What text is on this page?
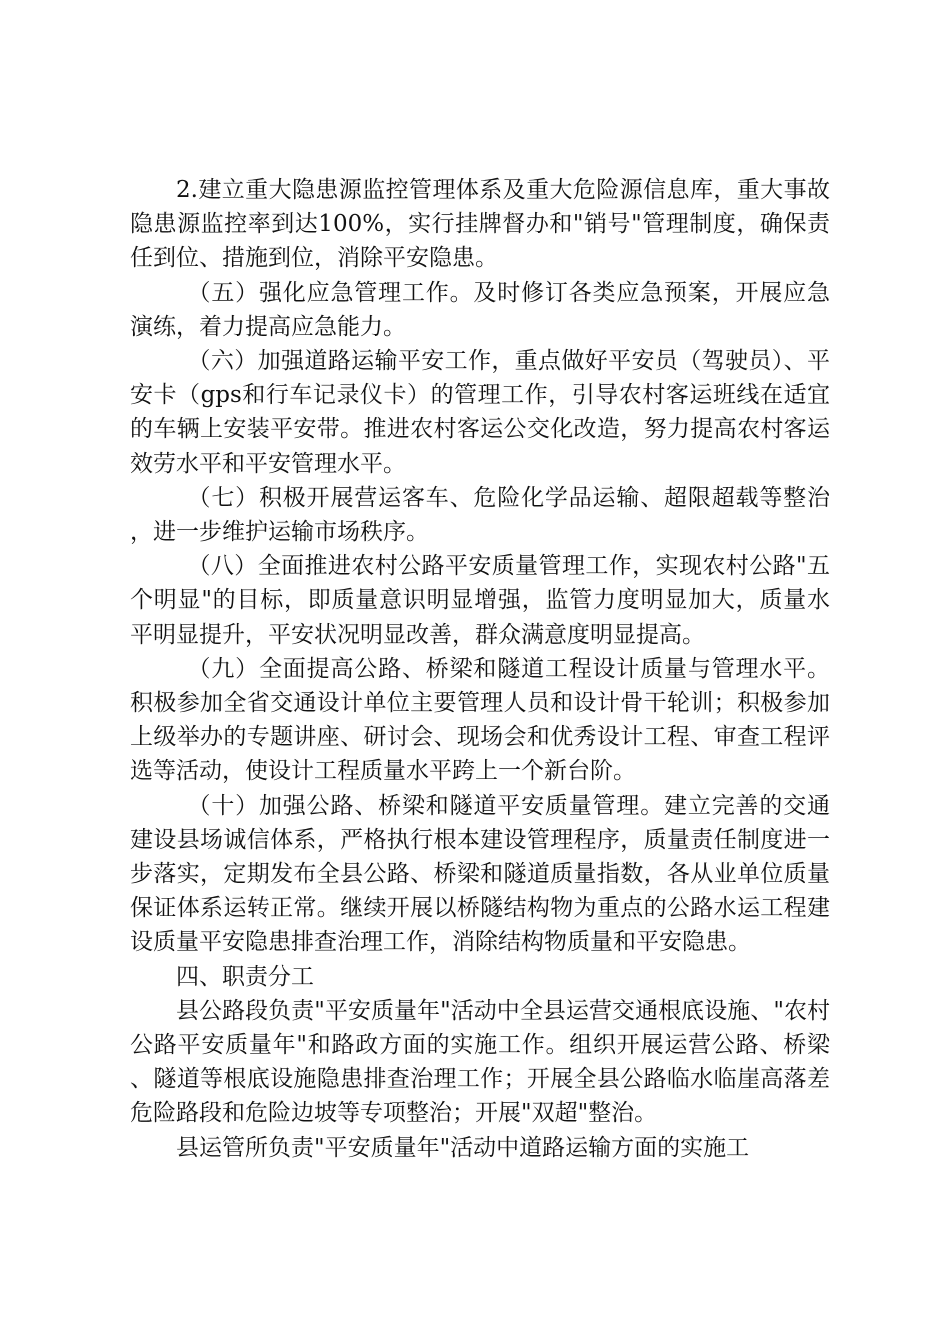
2.建立重大隐患源监控管理体系及重大危险源信息库，重大事故隐患源监控率到达100%，实行挂牌督办和"销号"管理制度，确保责任到位、措施到位，消除平安隐患。

（五）强化应急管理工作。及时修订各类应急预案，开展应急演练，着力提高应急能力。

（六）加强道路运输平安工作，重点做好平安员（驾驶员）、平安卡（gps和行车记录仪卡）的管理工作，引导农村客运班线在适宜的车辆上安装平安带。推进农村客运公交化改造，努力提高农村客运效劳水平和平安管理水平。

（七）积极开展营运客车、危险化学品运输、超限超载等整治，进一步维护运输市场秩序。

（八）全面推进农村公路平安质量管理工作，实现农村公路"五个明显"的目标，即质量意识明显增强，监管力度明显加大，质量水平明显提升，平安状况明显改善，群众满意度明显提高。

（九）全面提高公路、桥梁和隧道工程设计质量与管理水平。积极参加全省交通设计单位主要管理人员和设计骨干轮训；积极参加上级举办的专题讲座、研讨会、现场会和优秀设计工程、审查工程评选等活动，使设计工程质量水平跨上一个新台阶。

（十）加强公路、桥梁和隧道平安质量管理。建立完善的交通建设县场诚信体系，严格执行根本建设管理程序，质量责任制度进一步落实，定期发布全县公路、桥梁和隧道质量指数，各从业单位质量保证体系运转正常。继续开展以桥隧结构物为重点的公路水运工程建设质量平安隐患排查治理工作，消除结构物质量和平安隐患。

四、职责分工

县公路段负责"平安质量年"活动中全县运营交通根底设施、"农村公路平安质量年"和路政方面的实施工作。组织开展运营公路、桥梁、隧道等根底设施隐患排查治理工作；开展全县公路临水临崖高落差危险路段和危险边坡等专项整治；开展"双超"整治。

县运管所负责"平安质量年"活动中道路运输方面的实施工
